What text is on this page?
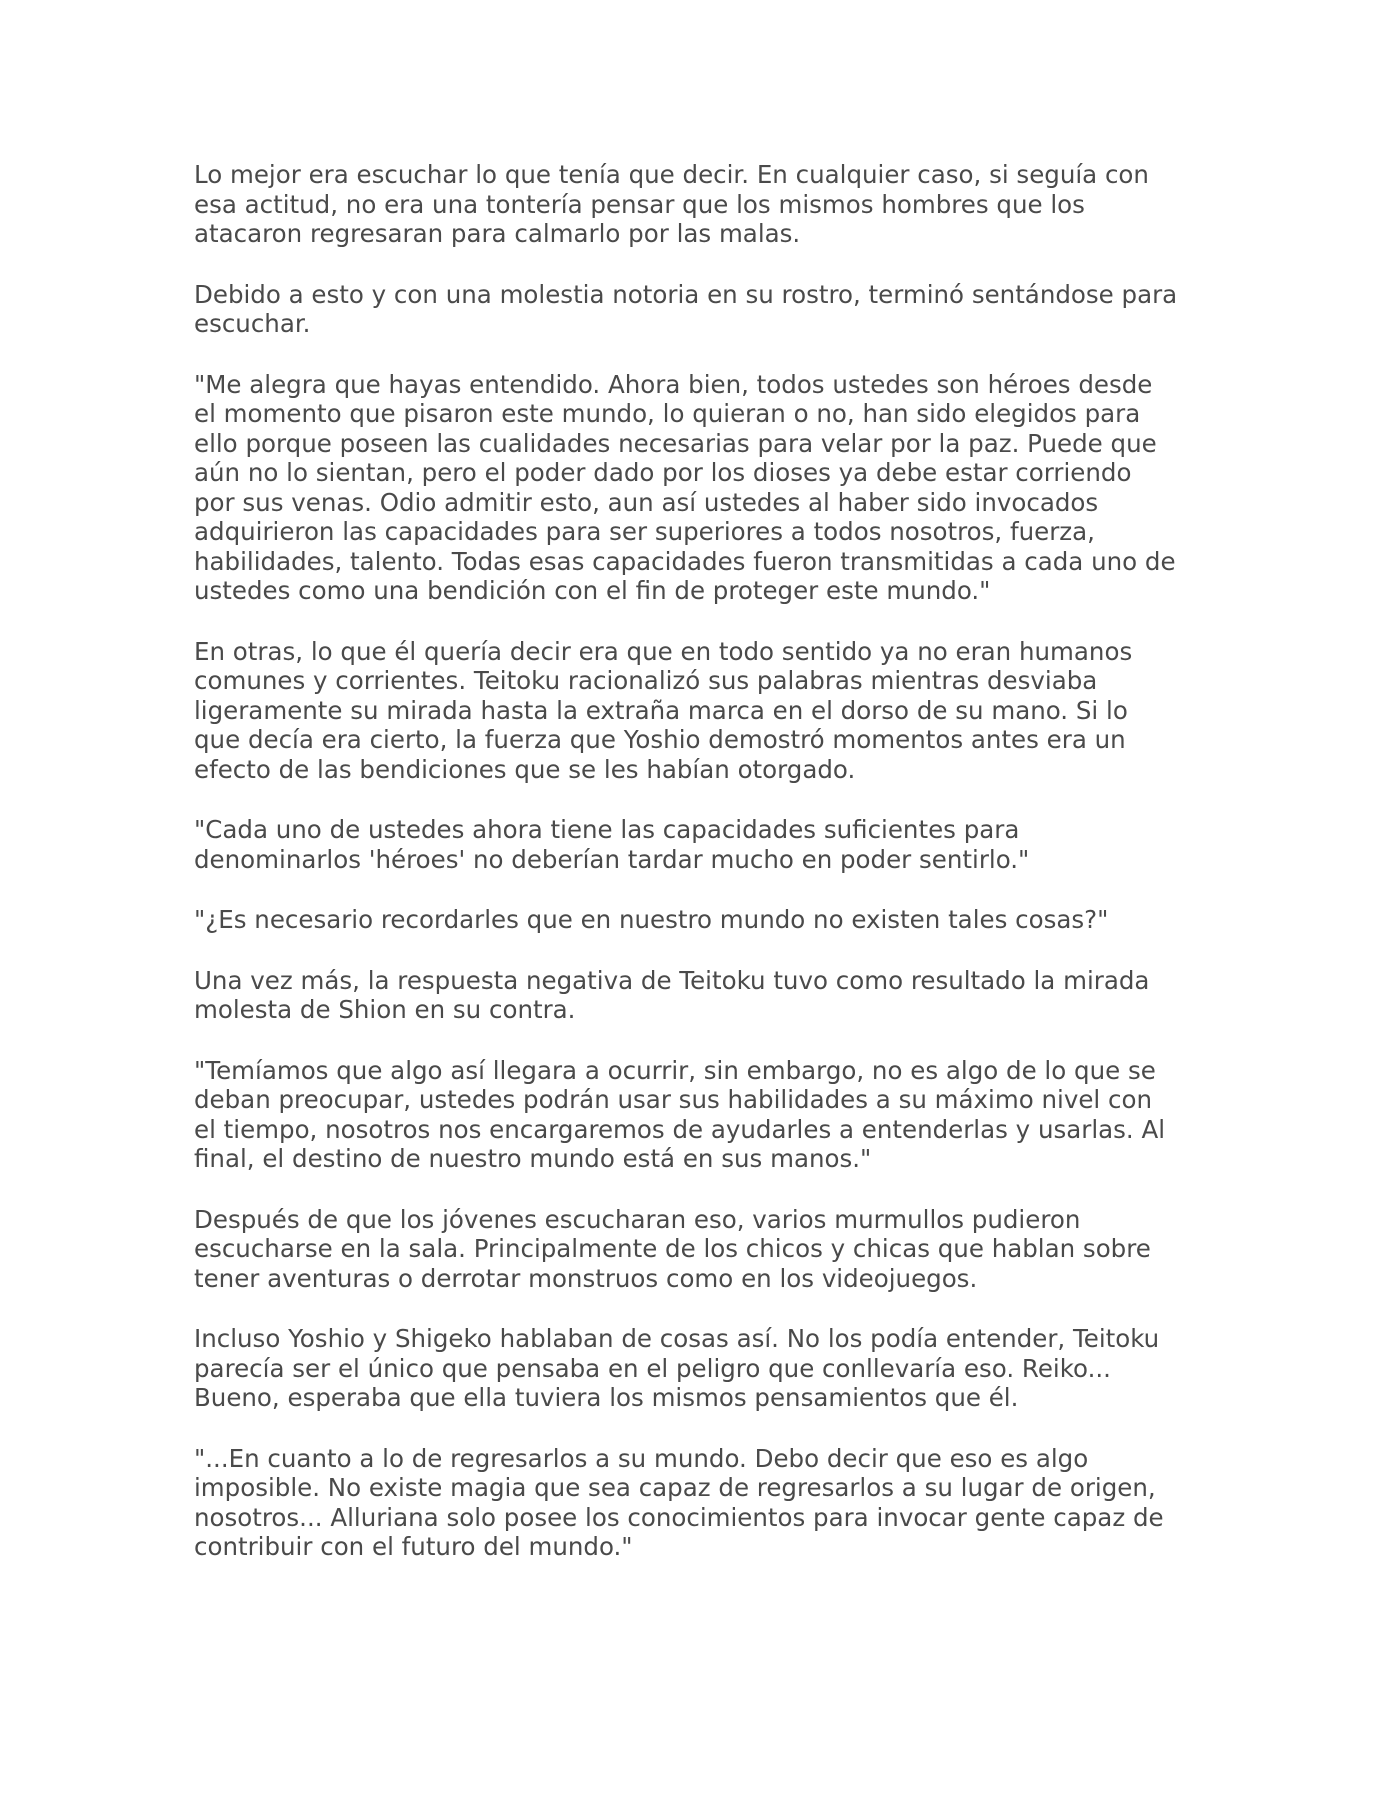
Lo mejor era escuchar lo que tenía que decir. En cualquier caso, si seguía con
esa actitud, no era una tontería pensar que los mismos hombres que los
atacaron regresaran para calmarlo por las malas.

Debido a esto y con una molestia notoria en su rostro, terminó sentándose para
escuchar.

"Me alegra que hayas entendido. Ahora bien, todos ustedes son héroes desde
el momento que pisaron este mundo, lo quieran o no, han sido elegidos para
ello porque poseen las cualidades necesarias para velar por la paz. Puede que
aún no lo sientan, pero el poder dado por los dioses ya debe estar corriendo
por sus venas. Odio admitir esto, aun así ustedes al haber sido invocados
adquirieron las capacidades para ser superiores a todos nosotros, fuerza,
habilidades, talento. Todas esas capacidades fueron transmitidas a cada uno de
ustedes como una bendición con el fin de proteger este mundo."

En otras, lo que él quería decir era que en todo sentido ya no eran humanos
comunes y corrientes. Teitoku racionalizó sus palabras mientras desviaba
ligeramente su mirada hasta la extraña marca en el dorso de su mano. Si lo
que decía era cierto, la fuerza que Yoshio demostró momentos antes era un
efecto de las bendiciones que se les habían otorgado.

"Cada uno de ustedes ahora tiene las capacidades suficientes para
denominarlos 'héroes' no deberían tardar mucho en poder sentirlo."

"¿Es necesario recordarles que en nuestro mundo no existen tales cosas?"

Una vez más, la respuesta negativa de Teitoku tuvo como resultado la mirada
molesta de Shion en su contra.

"Temíamos que algo así llegara a ocurrir, sin embargo, no es algo de lo que se
deban preocupar, ustedes podrán usar sus habilidades a su máximo nivel con
el tiempo, nosotros nos encargaremos de ayudarles a entenderlas y usarlas. Al
final, el destino de nuestro mundo está en sus manos."

Después de que los jóvenes escucharan eso, varios murmullos pudieron
escucharse en la sala. Principalmente de los chicos y chicas que hablan sobre
tener aventuras o derrotar monstruos como en los videojuegos.

Incluso Yoshio y Shigeko hablaban de cosas así. No los podía entender, Teitoku
parecía ser el único que pensaba en el peligro que conllevaría eso. Reiko...
Bueno, esperaba que ella tuviera los mismos pensamientos que él.

"...En cuanto a lo de regresarlos a su mundo. Debo decir que eso es algo
imposible. No existe magia que sea capaz de regresarlos a su lugar de origen,
nosotros... Alluriana solo posee los conocimientos para invocar gente capaz de
contribuir con el futuro del mundo."
